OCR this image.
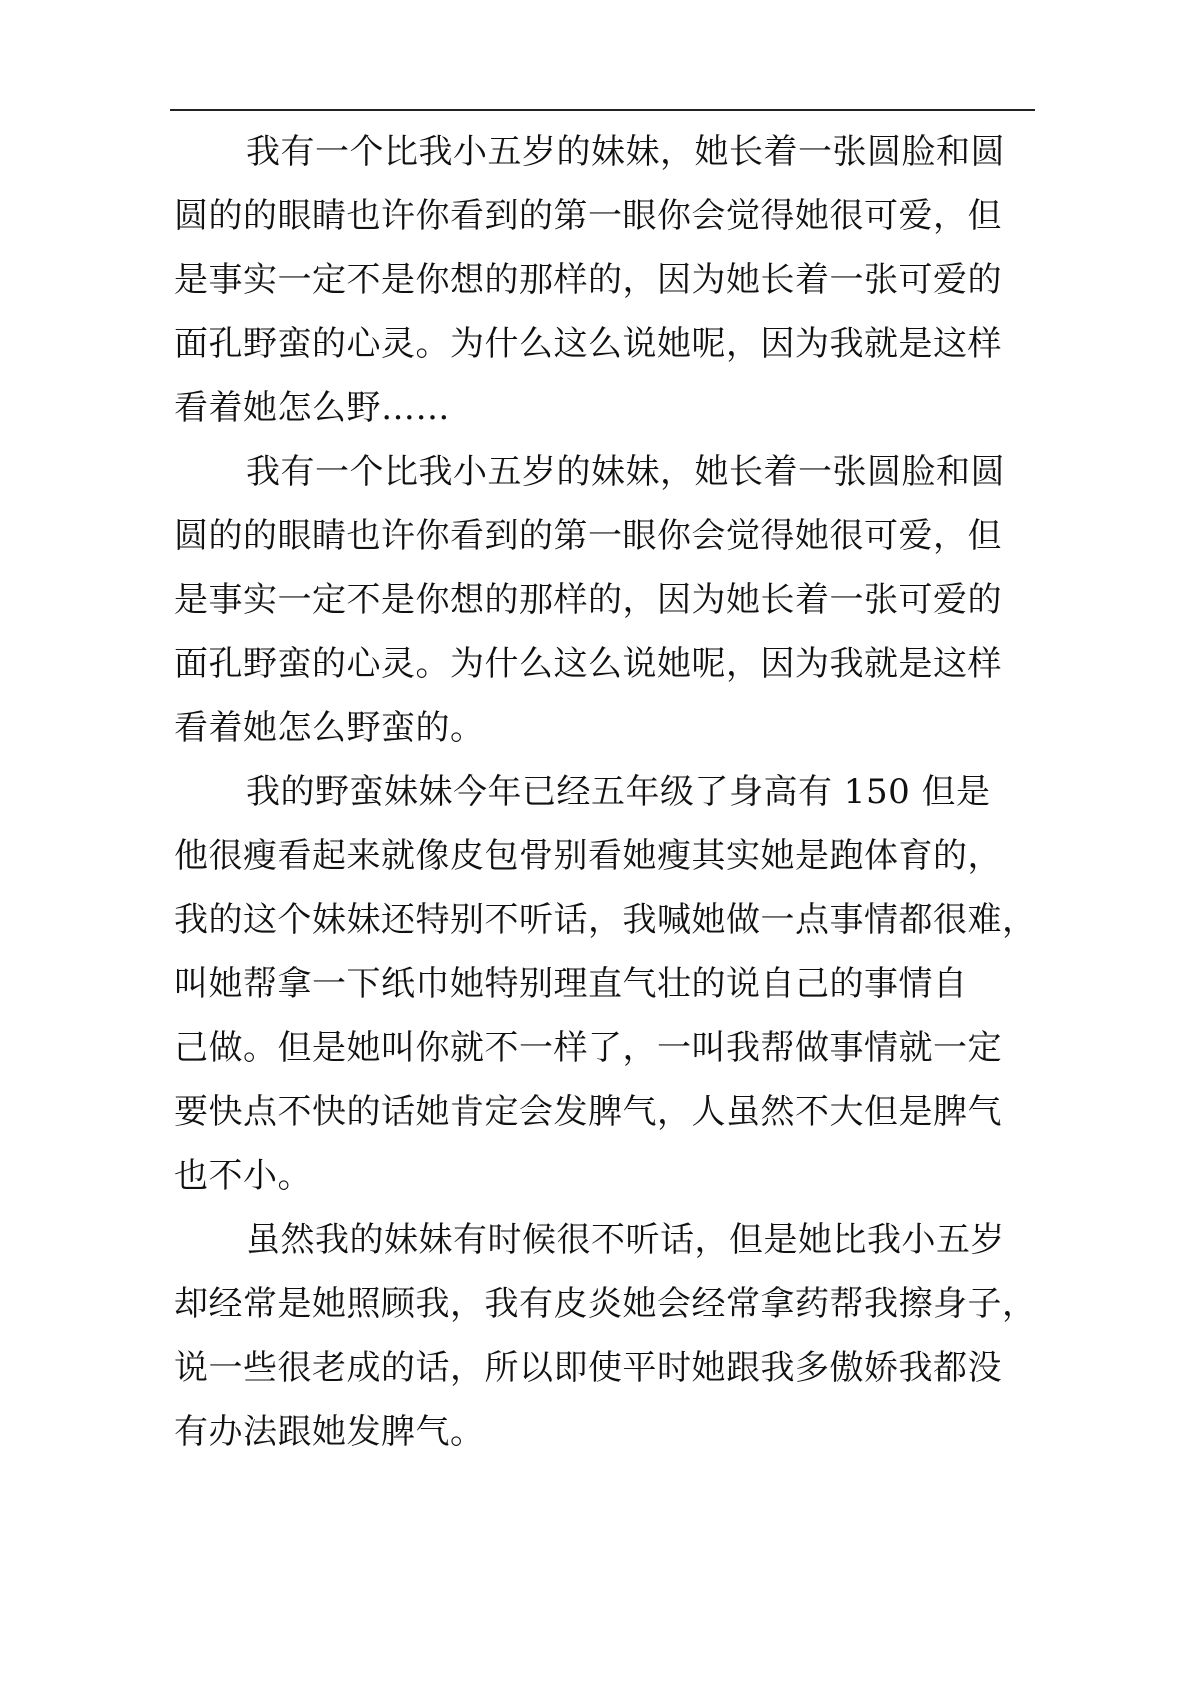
我有一个比我小五岁的妹妹，她长着一张圆脸和圆
圆的的眼睛也许你看到的第一眼你会觉得她很可爱，但
是事实一定不是你想的那样的，因为她长着一张可爱的
面孔野蛮的心灵。为什么这么说她呢，因为我就是这样
看着她怎么野……
我有一个比我小五岁的妹妹，她长着一张圆脸和圆
圆的的眼睛也许你看到的第一眼你会觉得她很可爱，但
是事实一定不是你想的那样的，因为她长着一张可爱的
面孔野蛮的心灵。为什么这么说她呢，因为我就是这样
看着她怎么野蛮的。
我的野蛮妹妹今年已经五年级了身高有 150 但是
他很瘦看起来就像皮包骨别看她瘦其实她是跑体育的，
我的这个妹妹还特别不听话，我喊她做一点事情都很难，
叫她帮拿一下纸巾她特别理直气壮的说自己的事情自
己做。但是她叫你就不一样了，一叫我帮做事情就一定
要快点不快的话她肯定会发脾气，人虽然不大但是脾气
也不小。
虽然我的妹妹有时候很不听话，但是她比我小五岁
却经常是她照顾我，我有皮炎她会经常拿药帮我擦身子，
说一些很老成的话，所以即使平时她跟我多傲娇我都没
有办法跟她发脾气。
